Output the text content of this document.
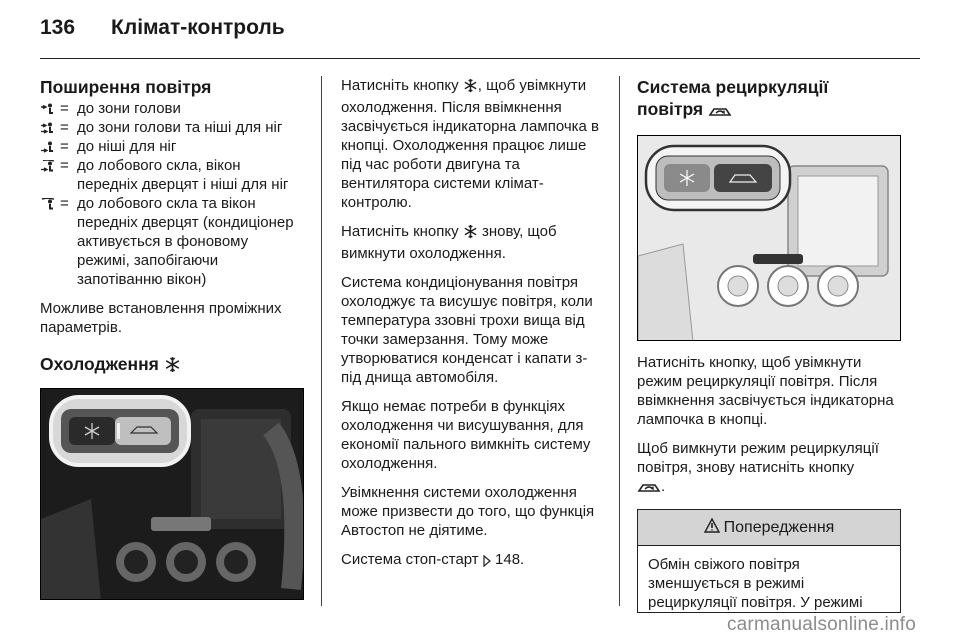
136 Клімат-контроль
Поширення повітря
= до зони голови
= до зони голови та ніші для ніг
= до ніші для ніг
= до лобового скла, вікон передніх дверцят і ніші для ніг
= до лобового скла та вікон передніх дверцят (кондиціонер активується в фоновому режимі, запобігаючи запотіванню вікон)
Можливе встановлення проміжних параметрів.
Охолодження
Натисніть кнопку , щоб увімкнути охолодження. Після ввімкнення засвічується індикаторна лампочка в кнопці. Охолодження працює лише під час роботи двигуна та вентилятора системи клімат-контролю.
Натисніть кнопку знову, щоб вимкнути охолодження.
Система кондиціонування повітря охолоджує та висушує повітря, коли температура ззовні трохи вища від точки замерзання. Тому може утворюватися конденсат і капати з-під днища автомобіля.
Якщо немає потреби в функціях охолодження чи висушування, для економії пального вимкніть систему охолодження.
Увімкнення системи охолодження може призвести до того, що функція Автостоп не діятиме.
Система стоп-старт 148.
Система рециркуляції
повітря
Натисніть кнопку, щоб увімкнути режим рециркуляції повітря. Після ввімкнення засвічується індикаторна лампочка в кнопці.
Щоб вимкнути режим рециркуляції повітря, знову натисніть кнопку
.
Попередження
Обмін свіжого повітря зменшується в режимі рециркуляції повітря. У режимі
carmanualsonline.info
